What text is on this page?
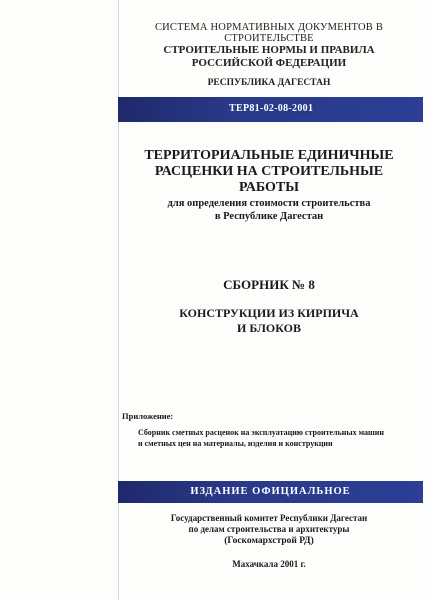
СИСТЕМА НОРМАТИВНЫХ ДОКУМЕНТОВ В СТРОИТЕЛЬСТВЕ
СТРОИТЕЛЬНЫЕ НОРМЫ И ПРАВИЛА
РОССИЙСКОЙ ФЕДЕРАЦИИ
РЕСПУБЛИКА ДАГЕСТАН
ТЕР81-02-08-2001
ТЕРРИТОРИАЛЬНЫЕ ЕДИНИЧНЫЕ
РАСЦЕНКИ НА СТРОИТЕЛЬНЫЕ
РАБОТЫ
для определения стоимости строительства
в Республике Дагестан
СБОРНИК № 8
КОНСТРУКЦИИ ИЗ КИРПИЧА
И БЛОКОВ
Приложение:
Сборник сметных расценок на эксплуатацию строительных машин
и сметных цен на материалы, изделия и конструкции
ИЗДАНИЕ ОФИЦИАЛЬНОЕ
Государственный комитет Республики Дагестан
по делам строительства и архитектуры
(Госкомархстрой РД)
Махачкала 2001 г.
